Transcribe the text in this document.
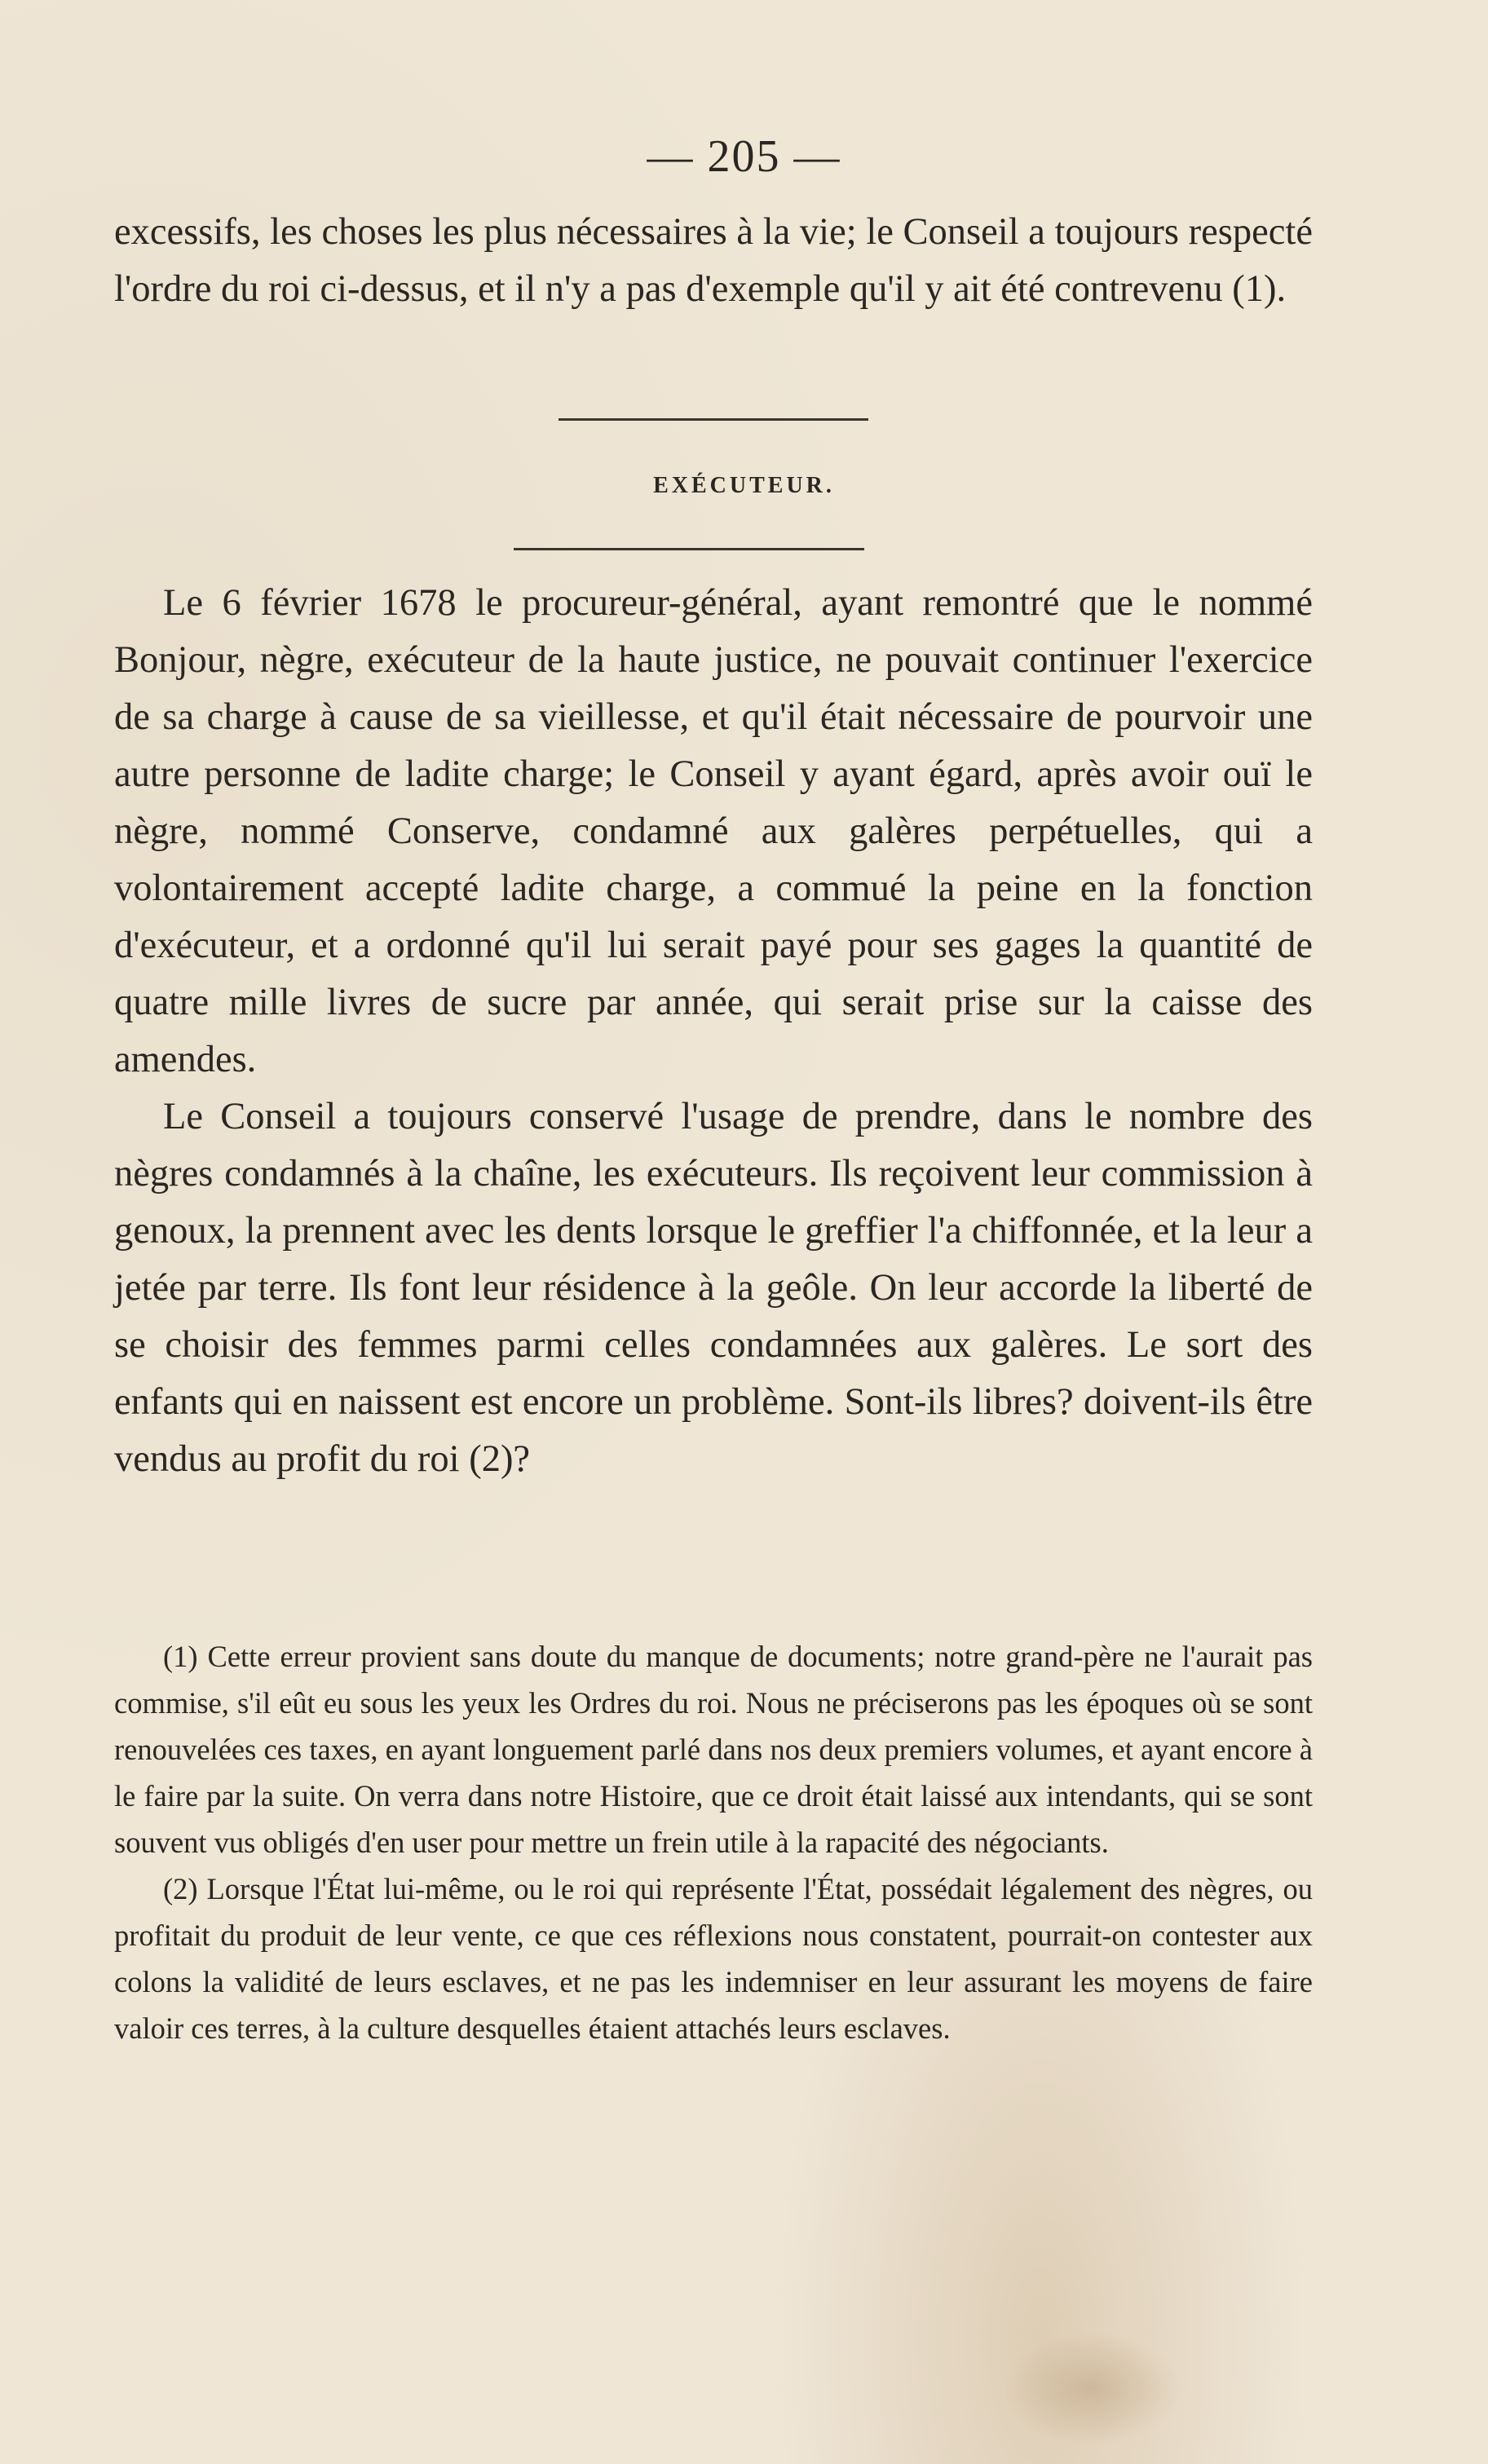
— 205 —

excessifs, les choses les plus nécessaires à la vie; le Conseil a toujours respecté l'ordre du roi ci-dessus, et il n'y a pas d'exemple qu'il y ait été contrevenu (1).

EXÉCUTEUR.

Le 6 février 1678 le procureur-général, ayant remontré que le nommé Bonjour, nègre, exécuteur de la haute justice, ne pouvait continuer l'exercice de sa charge à cause de sa vieillesse, et qu'il était nécessaire de pourvoir une autre personne de ladite charge; le Conseil y ayant égard, après avoir ouï le nègre, nommé Conserve, condamné aux galères perpétuelles, qui a volontairement accepté ladite charge, a commué la peine en la fonction d'exécuteur, et a ordonné qu'il lui serait payé pour ses gages la quantité de quatre mille livres de sucre par année, qui serait prise sur la caisse des amendes.

Le Conseil a toujours conservé l'usage de prendre, dans le nombre des nègres condamnés à la chaîne, les exécuteurs. Ils reçoivent leur commission à genoux, la prennent avec les dents lorsque le greffier l'a chiffonnée, et la leur a jetée par terre. Ils font leur résidence à la geôle. On leur accorde la liberté de se choisir des femmes parmi celles condamnées aux galères. Le sort des enfants qui en naissent est encore un problème. Sont-ils libres? doivent-ils être vendus au profit du roi (2)?

(1) Cette erreur provient sans doute du manque de documents; notre grand-père ne l'aurait pas commise, s'il eût eu sous les yeux les Ordres du roi. Nous ne préciserons pas les époques où se sont renouvelées ces taxes, en ayant longuement parlé dans nos deux premiers volumes, et ayant encore à le faire par la suite. On verra dans notre Histoire, que ce droit était laissé aux intendants, qui se sont souvent vus obligés d'en user pour mettre un frein utile à la rapacité des négociants.

(2) Lorsque l'État lui-même, ou le roi qui représente l'État, possédait légalement des nègres, ou profitait du produit de leur vente, ce que ces réflexions nous constatent, pourrait-on contester aux colons la validité de leurs esclaves, et ne pas les indemniser en leur assurant les moyens de faire valoir ces terres, à la culture desquelles étaient attachés leurs esclaves.
